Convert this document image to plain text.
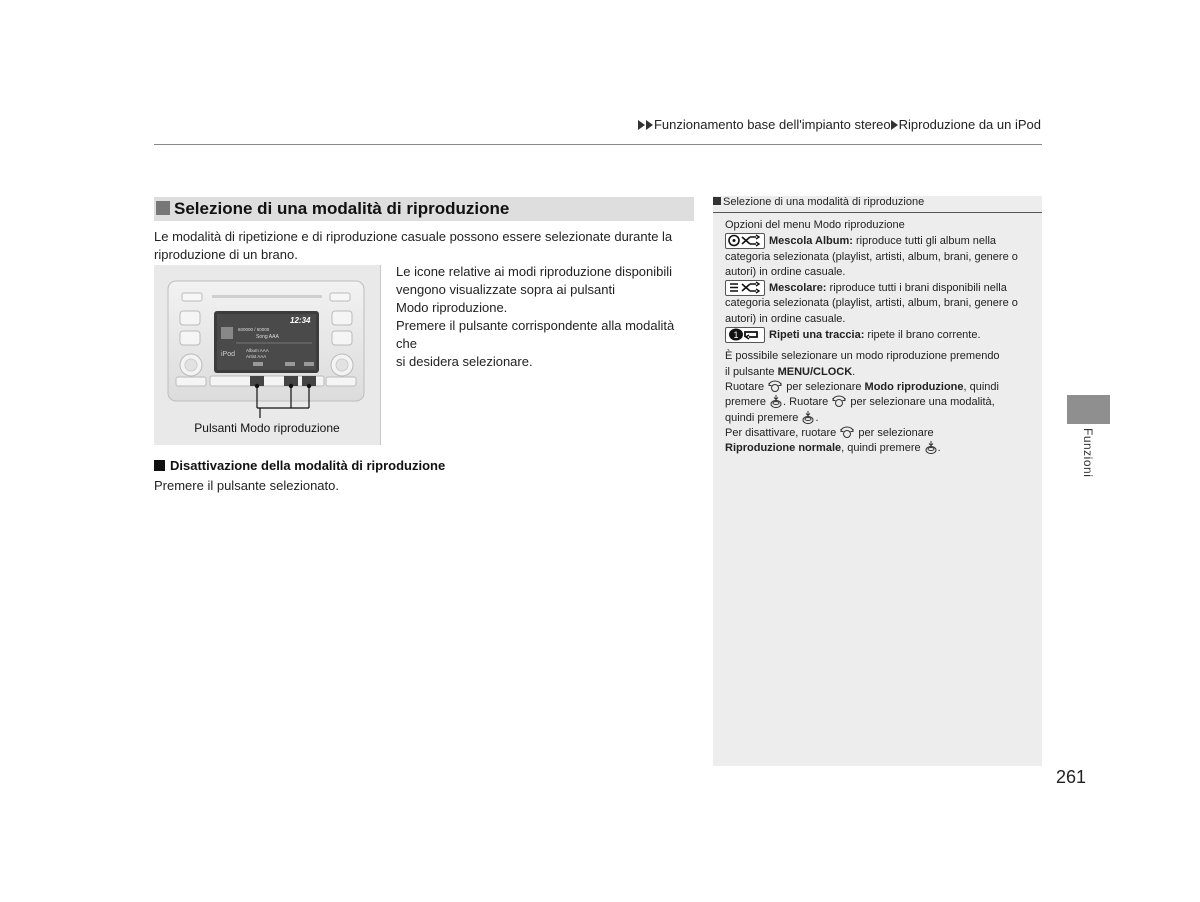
Funzionamento base dell'impianto stereo Riproduzione da un iPod
Selezione di una modalità di riproduzione
Le modalità di ripetizione e di riproduzione casuale possono essere selezionate durante la riproduzione di un brano.
12:34
600000 / 60000
Song AAA
Album AAA
Artist AAA
iPod
Pulsanti Modo riproduzione
Le icone relative ai modi riproduzione disponibili
vengono visualizzate sopra ai pulsanti
Modo riproduzione.
Premere il pulsante corrispondente alla modalità che
si desidera selezionare.
Disattivazione della modalità di riproduzione
Premere il pulsante selezionato.
Selezione di una modalità di riproduzione
Opzioni del menu Modo riproduzione
Mescola Album: riproduce tutti gli album nella
categoria selezionata (playlist, artisti, album, brani, genere o
autori) in ordine casuale.
Mescolare: riproduce tutti i brani disponibili nella
categoria selezionata (playlist, artisti, album, brani, genere o
autori) in ordine casuale.
1	Ripeti una traccia: ripete il brano corrente.
È possibile selezionare un modo riproduzione premendo
il pulsante MENU/CLOCK.
Ruotare  per selezionare Modo riproduzione, quindi
premere . Ruotare  per selezionare una modalità,
quindi premere .
Per disattivare, ruotare  per selezionare
Riproduzione normale, quindi premere .	Funzioni
261
